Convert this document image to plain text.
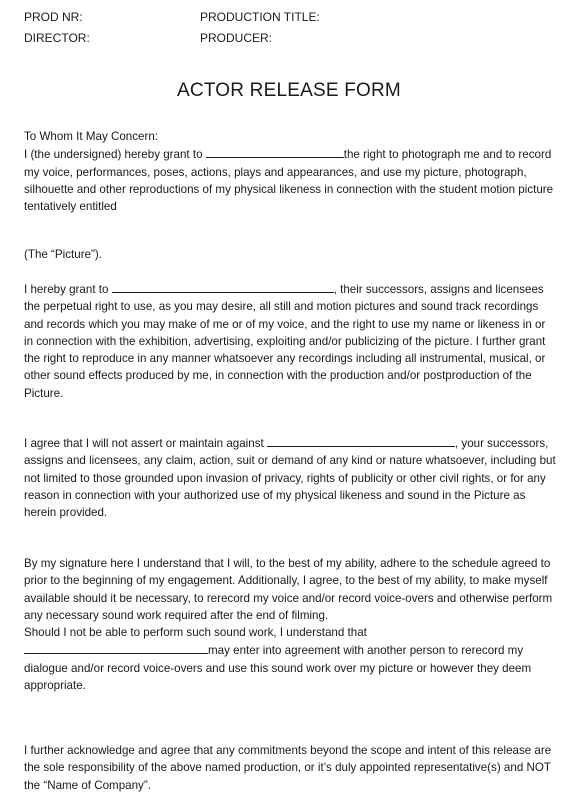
PROD NR:	PRODUCTION TITLE:
DIRECTOR:	PRODUCER:
ACTOR RELEASE FORM

To Whom It May Concern:

I (the undersigned) hereby grant to	the right to photograph me and to record my voice, performances, poses, actions, plays and appearances, and use my picture, photograph, silhouette and other reproductions of my physical likeness in connection with the student motion picture tentatively entitled

(The “Picture”).

I hereby grant to	, their successors, assigns and licensees the perpetual right to use, as you may desire, all still and motion pictures and sound track recordings and records which you may make of me or of my voice, and the right to use my name or likeness in or in connection with the exhibition, advertising, exploiting and/or publicizing of the picture. I further grant the right to reproduce in any manner whatsoever any recordings including all instrumental, musical, or other sound effects produced by me, in connection with the production and/or postproduction of the Picture.

I agree that I will not assert or maintain against	, your successors, assigns and licensees, any claim, action, suit or demand of any kind or nature whatsoever, including but not limited to those grounded upon invasion of privacy, rights of publicity or other civil rights, or for any reason in connection with your authorized use of my physical likeness and sound in the Picture as herein provided.

By my signature here I understand that I will, to the best of my ability, adhere to the schedule agreed to prior to the beginning of my engagement. Additionally, I agree, to the best of my ability, to make myself available should it be necessary, to rerecord my voice and/or record voice-overs and otherwise perform any necessary sound work required after the end of filming.

Should I not be able to perform such sound work, I understand that

may enter into agreement with another person to rerecord my dialogue and/or record voice-overs and use this sound work over my picture or however they deem appropriate.

I further acknowledge and agree that any commitments beyond the scope and intent of this release are the sole responsibility of the above named production, or it’s duly appointed representative(s) and NOT the “Name of Company”.
